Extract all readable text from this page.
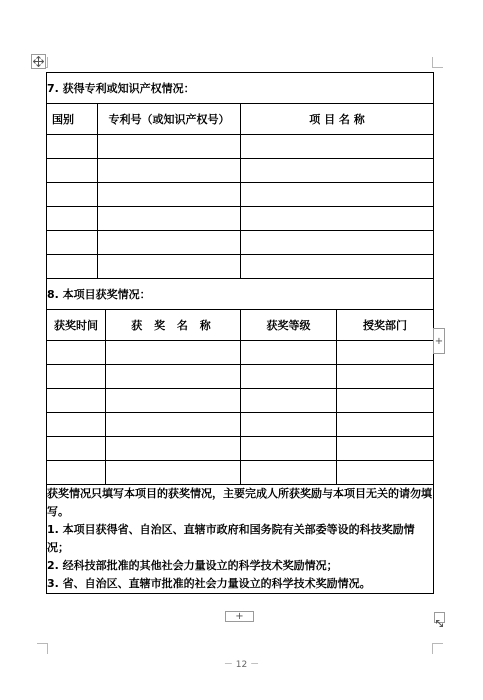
7. 获得专利或知识产权情况：				
国别	专利号（或知识产权号）		项 目 名 称	

8. 本项目获奖情况：				
获奖时间		获 奖 名 称	获奖等级	授奖部门

获奖情况只填写本项目的获奖情况，主要完成人所获奖励与本项目无关的请勿填写。
1. 本项目获得省、自治区、直辖市政府和国务院有关部委等设的科技奖励情况；
2. 经科技部批准的其他社会力量设立的科学技术奖励情况；
3. 省、自治区、直辖市批准的社会力量设立的科学技术奖励情况。				
+
+
－ 12 －
